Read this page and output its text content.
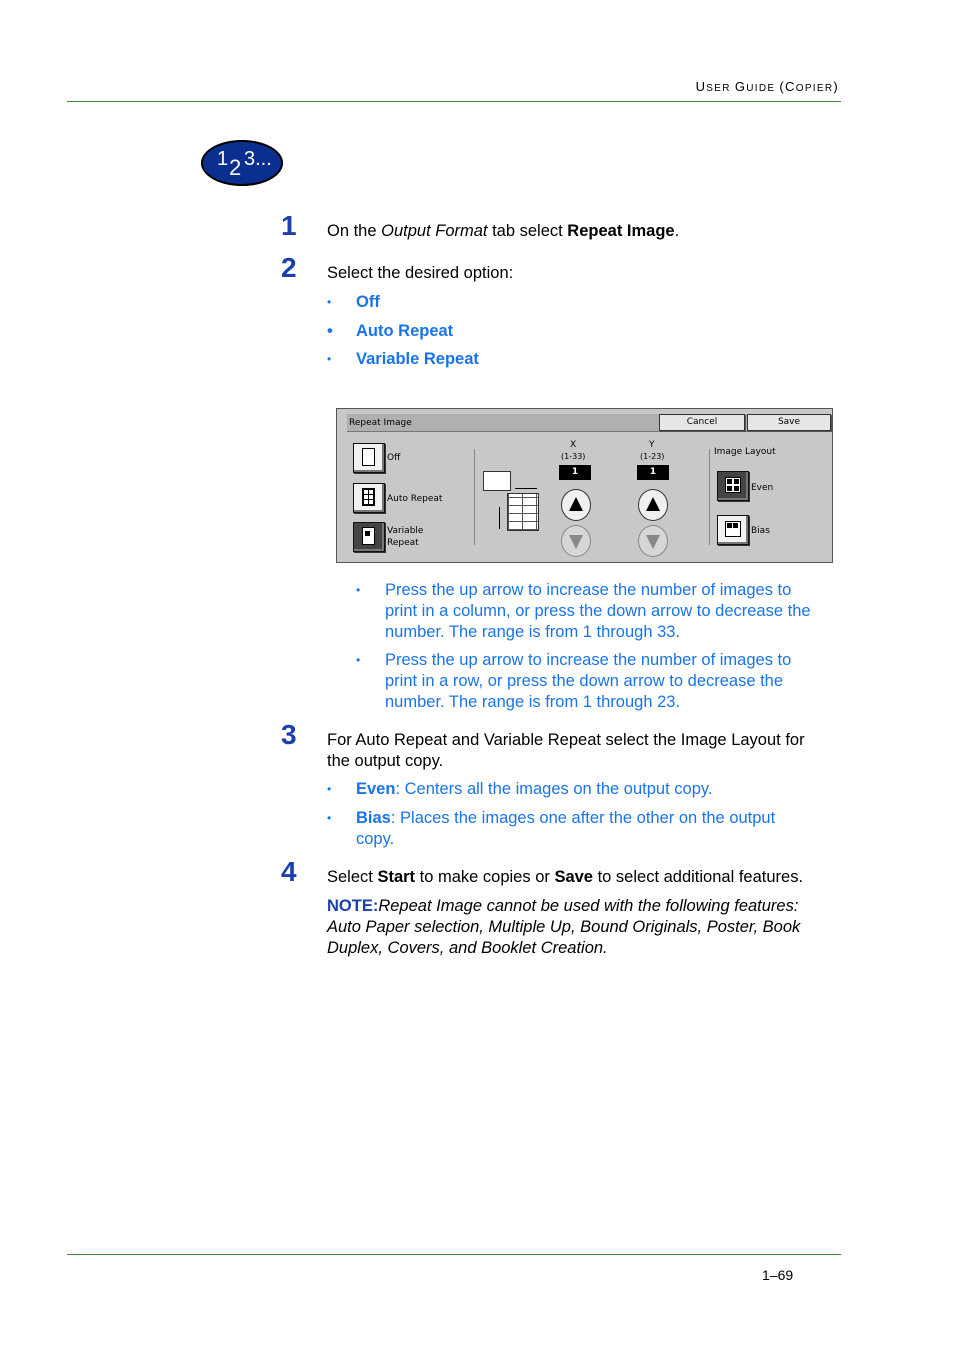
USER GUIDE (COPIER)
1 2 3...
1 On the Output Format tab select Repeat Image.
2 Select the desired option:
• Off
• Auto Repeat
• Variable Repeat
Repeat Image	Cancel	Save
Off
Auto Repeat
Variable
Repeat
X
(1-33)
1
Y
(1-23)
1
Image Layout
Even
Bias
• Press the up arrow to increase the number of images to
print in a column, or press the down arrow to decrease the
number. The range is from 1 through 33.
• Press the up arrow to increase the number of images to
print in a row, or press the down arrow to decrease the
number. The range is from 1 through 23.
3 For Auto Repeat and Variable Repeat select the Image Layout for
the output copy.
• Even: Centers all the images on the output copy.
• Bias: Places the images one after the other on the output
copy.
4 Select Start to make copies or Save to select additional features.
NOTE:Repeat Image cannot be used with the following features:
Auto Paper selection, Multiple Up, Bound Originals, Poster, Book
Duplex, Covers, and Booklet Creation.
1–69
